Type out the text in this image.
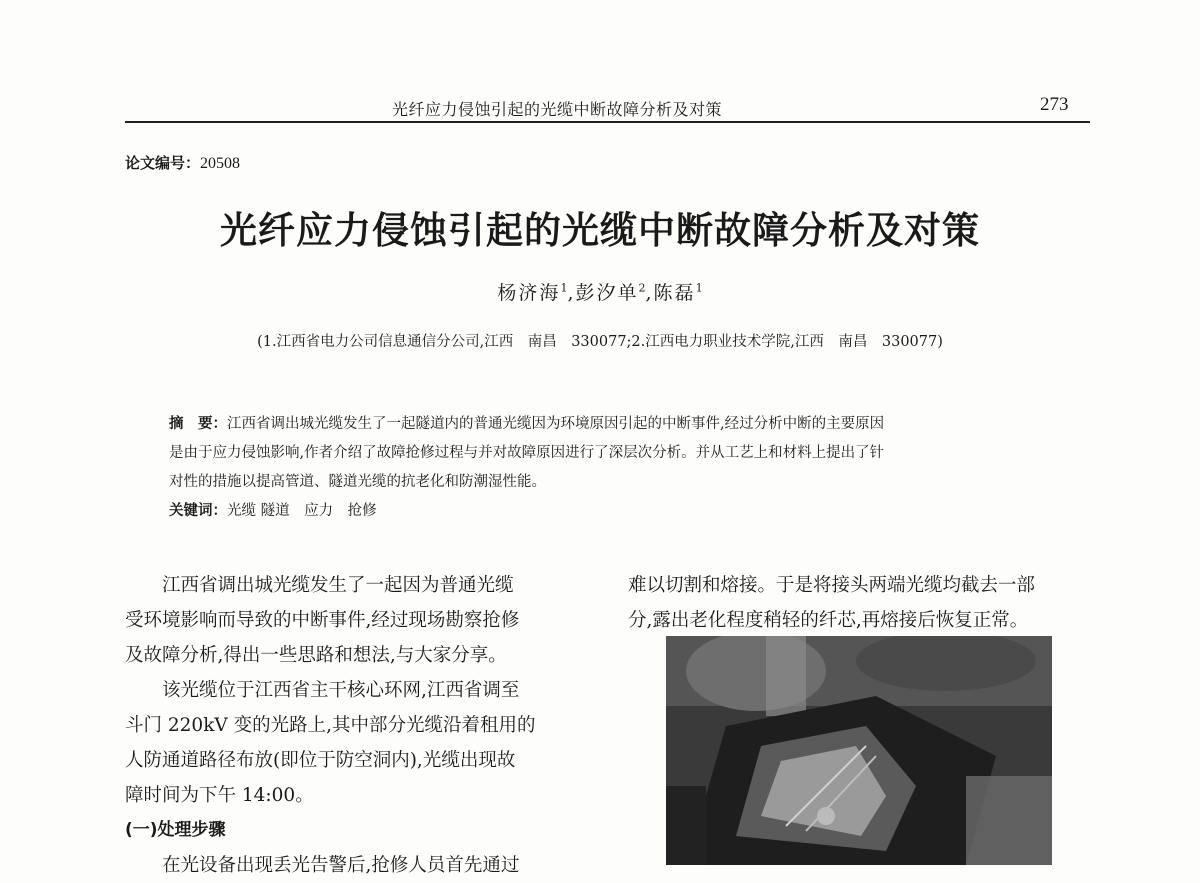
光纤应力侵蚀引起的光缆中断故障分析及对策	273
论文编号：20508
光纤应力侵蚀引起的光缆中断故障分析及对策
杨济海$^1$,彭汐单$^2$,陈磊$^1$
(1.江西省电力公司信息通信分公司,江西　南昌　330077;2.江西电力职业技术学院,江西　南昌　330077)

摘　要：江西省调出城光缆发生了一起隧道内的普通光缆因为环境原因引起的中断事件,经过分析中断的主要原因

是由于应力侵蚀影响,作者介绍了故障抢修过程与并对故障原因进行了深层次分析。并从工艺上和材料上提出了针

对性的措施以提高管道、隧道光缆的抗老化和防潮湿性能。

关键词：光缆 隧道　应力　抢修

江西省调出城光缆发生了一起因为普通光缆

受环境影响而导致的中断事件,经过现场勘察抢修

及故障分析,得出一些思路和想法,与大家分享。

该光缆位于江西省主干核心环网,江西省调至

斗门 220kV 变的光路上,其中部分光缆沿着租用的

人防通道路径布放(即位于防空洞内),光缆出现故

障时间为下午 14:00。

(一)处理步骤

在光设备出现丢光告警后,抢修人员首先通过

难以切割和熔接。于是将接头两端光缆均截去一部

分,露出老化程度稍轻的纤芯,再熔接后恢复正常。
